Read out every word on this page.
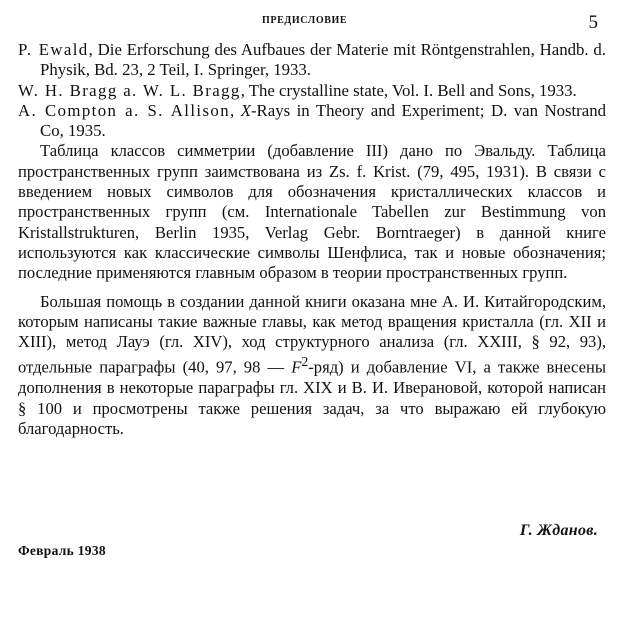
ПРЕДИСЛОВИЕ	5

P. Ewald, Die Erforschung des Aufbaues der Materie mit Röntgenstrahlen, Handb. d. Physik, Bd. 23, 2 Teil, I. Springer, 1933.

W. H. Bragg a. W. L. Bragg, The crystalline state, Vol. I. Bell and Sons, 1933.

A. Compton a. S. Allison, X-Rays in Theory and Experiment; D. van Nostrand Co, 1935.

Таблица классов симметрии (добавление III) дано по Эвальду. Таблица пространственных групп заимствована из Zs. f. Krist. (79, 495, 1931). В связи с введением новых символов для обозначения кристаллических классов и пространственных групп (см. Internationale Tabellen zur Bestimmung von Kristallstrukturen, Berlin 1935, Verlag Gebr. Borntraeger) в данной книге используются как классические символы Шенфлиса, так и новые обозначения; последние применяются главным образом в теории пространственных групп.

Большая помощь в создании данной книги оказана мне А. И. Китайгородским, которым написаны такие важные главы, как метод вращения кристалла (гл. XII и XIII), метод Лауэ (гл. XIV), ход структурного анализа (гл. XXIII, § 92, 93), отдельные параграфы (40, 97, 98 — $F^2-ряд$) и добавление VI, а также внесены дополнения в некоторые параграфы гл. XIX и В. И. Иверановой, которой написан § 100 и просмотрены также решения задач, за что выражаю ей глубокую благодарность.

Г. Жданов.
Февраль 1938
